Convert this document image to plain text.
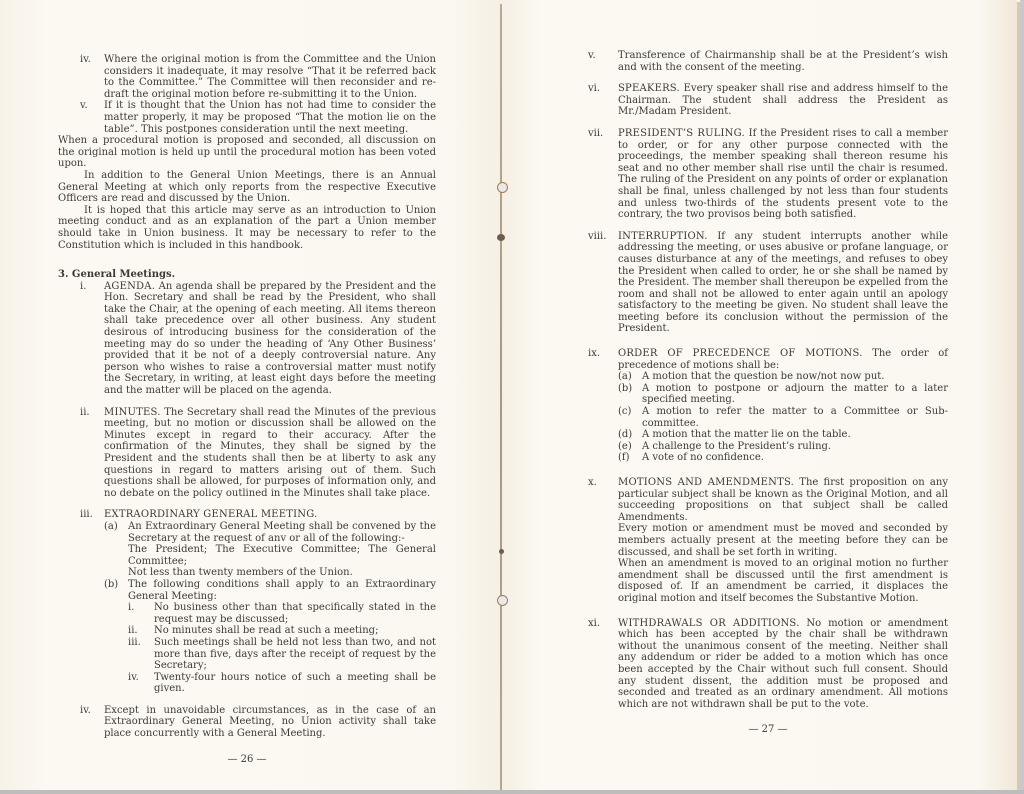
iv.	Where the original motion is from the Committee and the Union considers it inadequate, it may resolve “That it be referred back to the Committee.” The Committee will then reconsider and re-draft the original motion before re-submitting it to the Union.
v.	If it is thought that the Union has not had time to consider the matter properly, it may be proposed “That the motion lie on the table”. This postpones consideration until the next meeting.
When a procedural motion is proposed and seconded, all discussion on the original motion is held up until the procedural motion has been voted upon.
In addition to the General Union Meetings, there is an Annual General Meeting at which only reports from the respective Executive Officers are read and discussed by the Union.
It is hoped that this article may serve as an introduction to Union meeting conduct and as an explanation of the part a Union member should take in Union business. It may be necessary to refer to the Constitution which is included in this handbook.
3. General Meetings.
i.	AGENDA. An agenda shall be prepared by the President and the Hon. Secretary and shall be read by the President, who shall take the Chair, at the opening of each meeting. All items thereon shall take precedence over all other business. Any student desirous of introducing business for the consideration of the meeting may do so under the heading of ‘Any Other Business’ provided that it be not of a deeply controversial nature. Any person who wishes to raise a controversial matter must notify the Secretary, in writing, at least eight days before the meeting and the matter will be placed on the agenda.
ii.	MINUTES. The Secretary shall read the Minutes of the previous meeting, but no motion or discussion shall be allowed on the Minutes except in regard to their accuracy. After the confirmation of the Minutes, they shall be signed by the President and the students shall then be at liberty to ask any questions in regard to matters arising out of them. Such questions shall be allowed, for purposes of information only, and no debate on the policy outlined in the Minutes shall take place.
iii.	EXTRAORDINARY GENERAL MEETING.
(a)	An Extraordinary General Meeting shall be convened by the Secretary at the request of anv or all of the following:-
The President; The Executive Committee; The General Committee;
Not less than twenty members of the Union.
(b) The following conditions shall apply to an Extraordinary General Meeting:
i.	No business other than that specifically stated in the request may be discussed;
ii.	No minutes shall be read at such a meeting;
iii.	Such meetings shall be held not less than two, and not more than five, days after the receipt of request by the Secretary;
iv.	Twenty-four hours notice of such a meeting shall be given.
iv.	Except in unavoidable circumstances, as in the case of an Extraordinary General Meeting, no Union activity shall take place concurrently with a General Meeting.
— 26 —
v.	Transference of Chairmanship shall be at the President’s wish and with the consent of the meeting.
vi.	SPEAKERS. Every speaker shall rise and address himself to the Chairman. The student shall address the President as Mr./Madam President.
vii.	PRESIDENT’S RULING. If the President rises to call a member to order, or for any other purpose connected with the proceedings, the member speaking shall thereon resume his seat and no other member shall rise until the chair is resumed. The ruling of the President on any points of order or explanation shall be final, unless challenged by not less than four students and unless two-thirds of the students present vote to the contrary, the two provisos being both satisfied.
viii.	INTERRUPTION. If any student interrupts another while addressing the meeting, or uses abusive or profane language, or causes disturbance at any of the meetings, and refuses to obey the President when called to order, he or she shall be named by the President. The member shall thereupon be expelled from the room and shall not be allowed to enter again until an apology satisfactory to the meeting be given. No student shall leave the meeting before its conclusion without the permission of the President.
ix.	ORDER OF PRECEDENCE OF MOTIONS. The order of precedence of motions shall be:
(a)	A motion that the question be now/not now put.
(b) A motion to postpone or adjourn the matter to a later specified meeting.
(c)	A motion to refer the matter to a Committee or Sub-committee.
(d) A motion that the matter lie on the table.
(e)	A challenge to the President’s ruling.
(f)	A vote of no confidence.
x.	MOTIONS AND AMENDMENTS. The first proposition on any particular subject shall be known as the Original Motion, and all succeeding propositions on that subject shall be called Amendments.
Every motion or amendment must be moved and seconded by members actually present at the meeting before they can be discussed, and shall be set forth in writing.
When an amendment is moved to an original motion no further amendment shall be discussed until the first amendment is disposed of. If an amendment be carried, it displaces the original motion and itself becomes the Substantive Motion.
xi.	WITHDRAWALS OR ADDITIONS. No motion or amendment which has been accepted by the chair shall be withdrawn without the unanimous consent of the meeting. Neither shall any addendum or rider be added to a motion which has once been accepted by the Chair without such full consent. Should any student dissent, the addition must be proposed and seconded and treated as an ordinary amendment. All motions which are not withdrawn shall be put to the vote.
— 27 —
